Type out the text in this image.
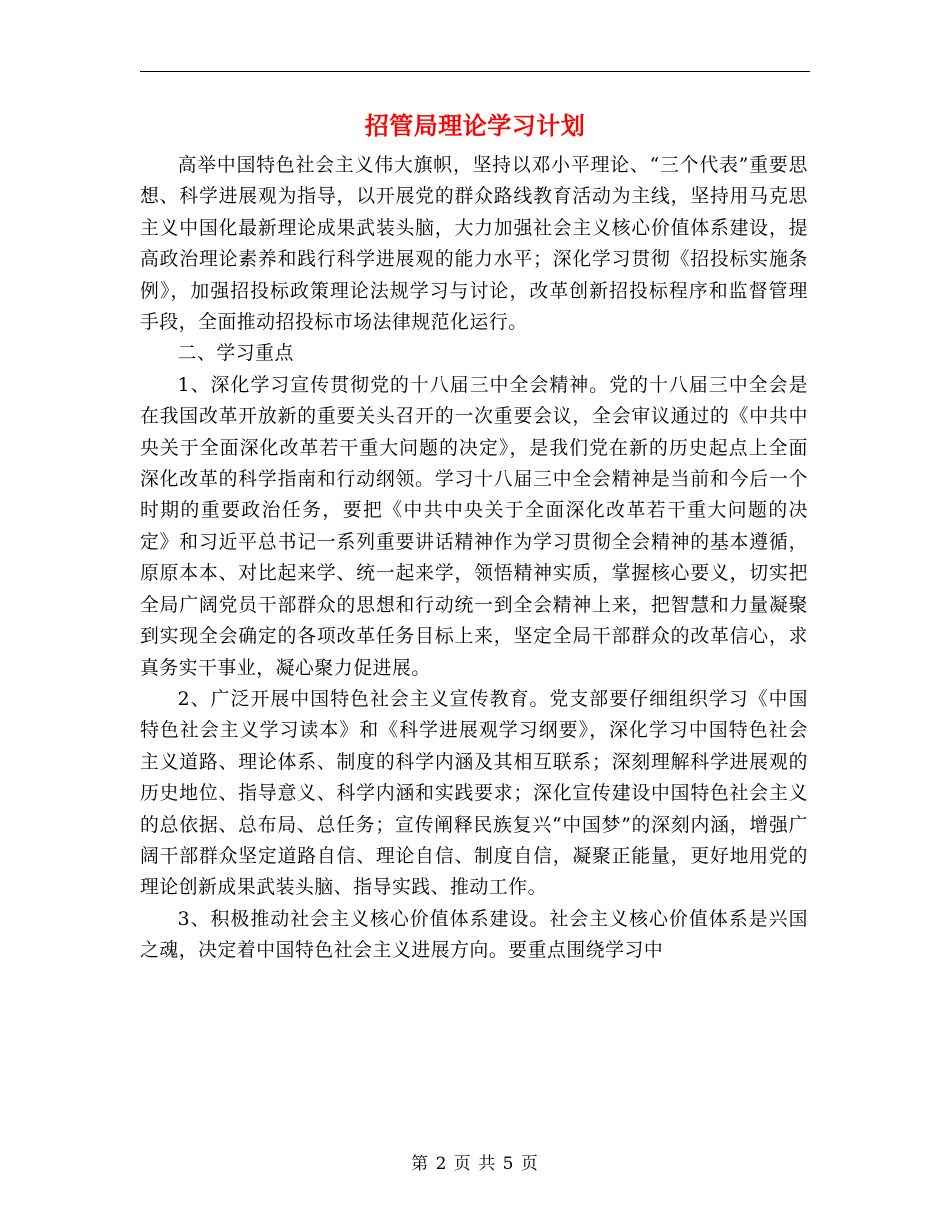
招管局理论学习计划

高举中国特色社会主义伟大旗帜，坚持以邓小平理论、“三个代表”重要思想、科学进展观为指导，以开展党的群众路线教育活动为主线，坚持用马克思主义中国化最新理论成果武装头脑，大力加强社会主义核心价值体系建设，提高政治理论素养和践行科学进展观的能力水平；深化学习贯彻《招投标实施条例》，加强招投标政策理论法规学习与讨论，改革创新招投标程序和监督管理手段，全面推动招投标市场法律规范化运行。

二、学习重点

1、深化学习宣传贯彻党的十八届三中全会精神。党的十八届三中全会是在我国改革开放新的重要关头召开的一次重要会议，全会审议通过的《中共中央关于全面深化改革若干重大问题的决定》，是我们党在新的历史起点上全面深化改革的科学指南和行动纲领。学习十八届三中全会精神是当前和今后一个时期的重要政治任务，要把《中共中央关于全面深化改革若干重大问题的决定》和习近平总书记一系列重要讲话精神作为学习贯彻全会精神的基本遵循，原原本本、对比起来学、统一起来学，领悟精神实质，掌握核心要义，切实把全局广阔党员干部群众的思想和行动统一到全会精神上来，把智慧和力量凝聚到实现全会确定的各项改革任务目标上来，坚定全局干部群众的改革信心，求真务实干事业，凝心聚力促进展。

2、广泛开展中国特色社会主义宣传教育。党支部要仔细组织学习《中国特色社会主义学习读本》和《科学进展观学习纲要》，深化学习中国特色社会主义道路、理论体系、制度的科学内涵及其相互联系；深刻理解科学进展观的历史地位、指导意义、科学内涵和实践要求；深化宣传建设中国特色社会主义的总依据、总布局、总任务；宣传阐释民族复兴“中国梦”的深刻内涵，增强广阔干部群众坚定道路自信、理论自信、制度自信，凝聚正能量，更好地用党的理论创新成果武装头脑、指导实践、推动工作。

3、积极推动社会主义核心价值体系建设。社会主义核心价值体系是兴国之魂，决定着中国特色社会主义进展方向。要重点围绕学习中

第 2 页 共 5 页
